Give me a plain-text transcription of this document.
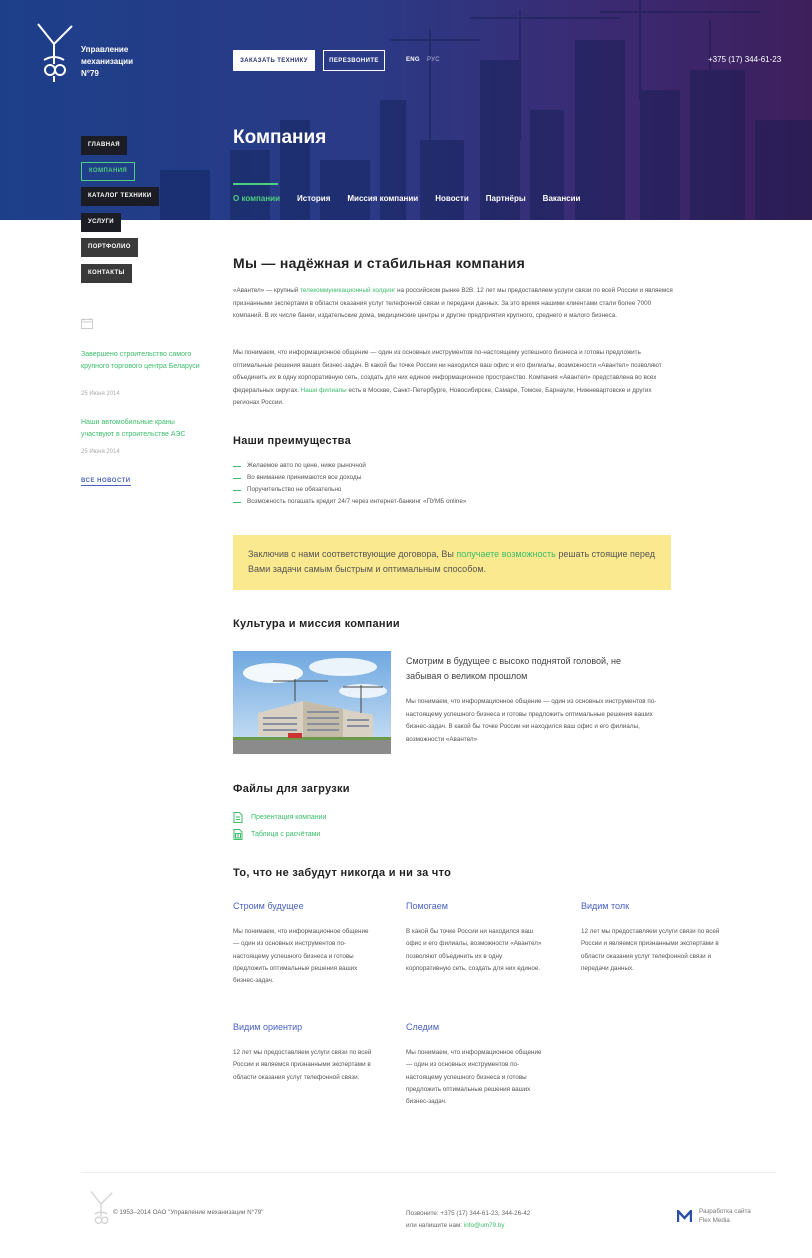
Управление
механизации
N°79
ЗАКАЗАТЬ ТЕХНИКУ	ПЕРЕЗВОНИТЕ	ENG РУС	+375 (17) 344-61-23
Компания
О компании История Миссия компании Новости Партнёры Вакансии
ГЛАВНАЯ
КОМПАНИЯ
КАТАЛОГ ТЕХНИКИ
УСЛУГИ
ПОРТФОЛИО
КОНТАКТЫ
Завершено строительство самого крупного торгового центра Беларуси
25 Июня 2014
Наши автомобильные краны участвуют в строительстве АЭС
25 Июня 2014
ВСЕ НОВОСТИ
Мы — надёжная и стабильная компания
«Авантел» — крупный телекоммуникационный холдинг на российском рынке B2B. 12 лет мы предоставляем услуги связи по всей России и являемся признанными экспертами в области оказания услуг телефонной связи и передачи данных. За это время нашими клиентами стали более 7000 компаний. В их числе банки, издательские дома, медицинские центры и другие предприятия крупного, среднего и малого бизнеса.
Мы понимаем, что информационное общение — один из основных инструментов по-настоящему успешного бизнеса и готовы предложить оптимальные решения ваших бизнес-задач. В какой бы точке России ни находился ваш офис и его филиалы, возможности «Авантел» позволяют объединить их в одну корпоративную сеть, создать для них единое информационное пространство. Компания «Авантел» представлена во всех федеральных округах. Наши филиалы есть в Москве, Санкт-Петербурге, Новосибирске, Самаре, Томске, Барнауле, Нижневартовске и других регионах России.
Наши преимущества
Желаемое авто по цене, ниже рыночной
Во внимание принимаются все доходы
Поручительство не обязательно
Возможность погашать кредит 24/7 через интернет-банкинг «ПУМБ online»
Заключив с нами соответствующие договора, Вы получаете возможность решать стоящие перед Вами задачи самым быстрым и оптимальным способом.
Культура и миссия компании
Смотрим в будущее с высоко поднятой головой, не забывая о великом прошлом
Мы понимаем, что информационное общение — один из основных инструментов по-настоящему успешного бизнеса и готовы предложить оптимальные решения ваших бизнес-задач. В какой бы точке России ни находился ваш офис и его филиалы, возможности «Авантел»
Файлы для загрузки
Презентация компании
Таблица с расчётами
То, что не забудут никогда и ни за что
Строим будущее
Мы понимаем, что информационное общение — один из основных инструментов по-настоящему успешного бизнеса и готовы предложить оптимальные решения ваших бизнес-задач.
Помогаем
В какой бы точке России ни находился ваш офис и его филиалы, возможности «Авантел» позволяют объединить их в одну корпоративную сеть, создать для них единое.
Видим толк
12 лет мы предоставляем услуги связи по всей России и являемся признанными экспертами в области оказания услуг телефонной связи и передачи данных.
Видим ориентир
12 лет мы предоставляем услуги связи по всей России и являемся признанными экспертами в области оказания услуг телефонной связи.
Следим
Мы понимаем, что информационное общение — один из основных инструментов по-настоящему успешного бизнеса и готовы предложить оптимальные решения ваших бизнес-задач.
© 1953–2014 ОАО "Управление механизации N°79"	Позвоните: +375 (17) 344-61-23, 344-26-42
или напишите нам: info@um79.by
Разработка сайта
Flex Media
